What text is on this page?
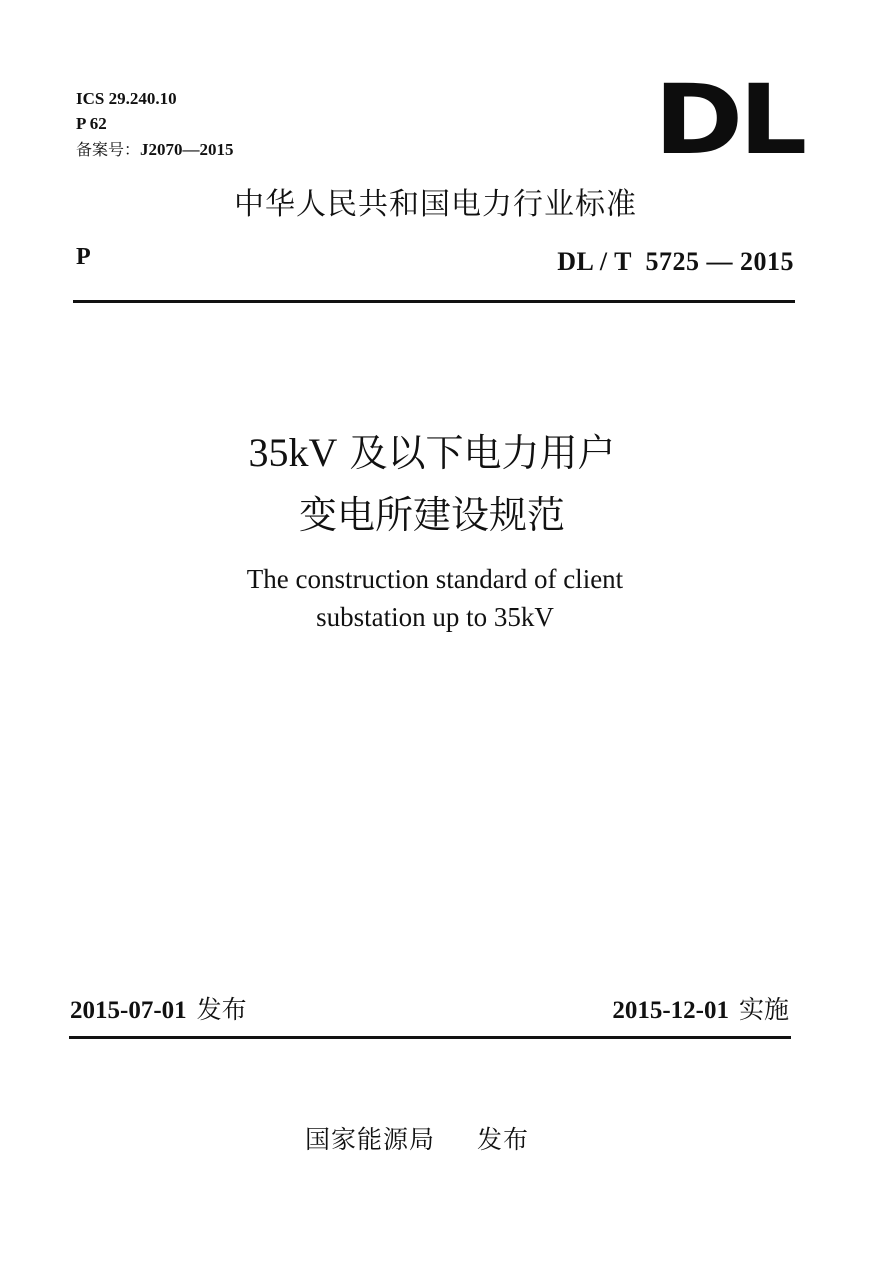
ICS 29.240.10
P 62
备案号：J2070—2015	DL
中华人民共和国电力行业标准
P	DL / T  5725 — 2015
35kV 及以下电力用户
变电所建设规范
The construction standard of client
substation up to 35kV
2015-07-01 发布	2015-12-01 实施
国家能源局 发布
